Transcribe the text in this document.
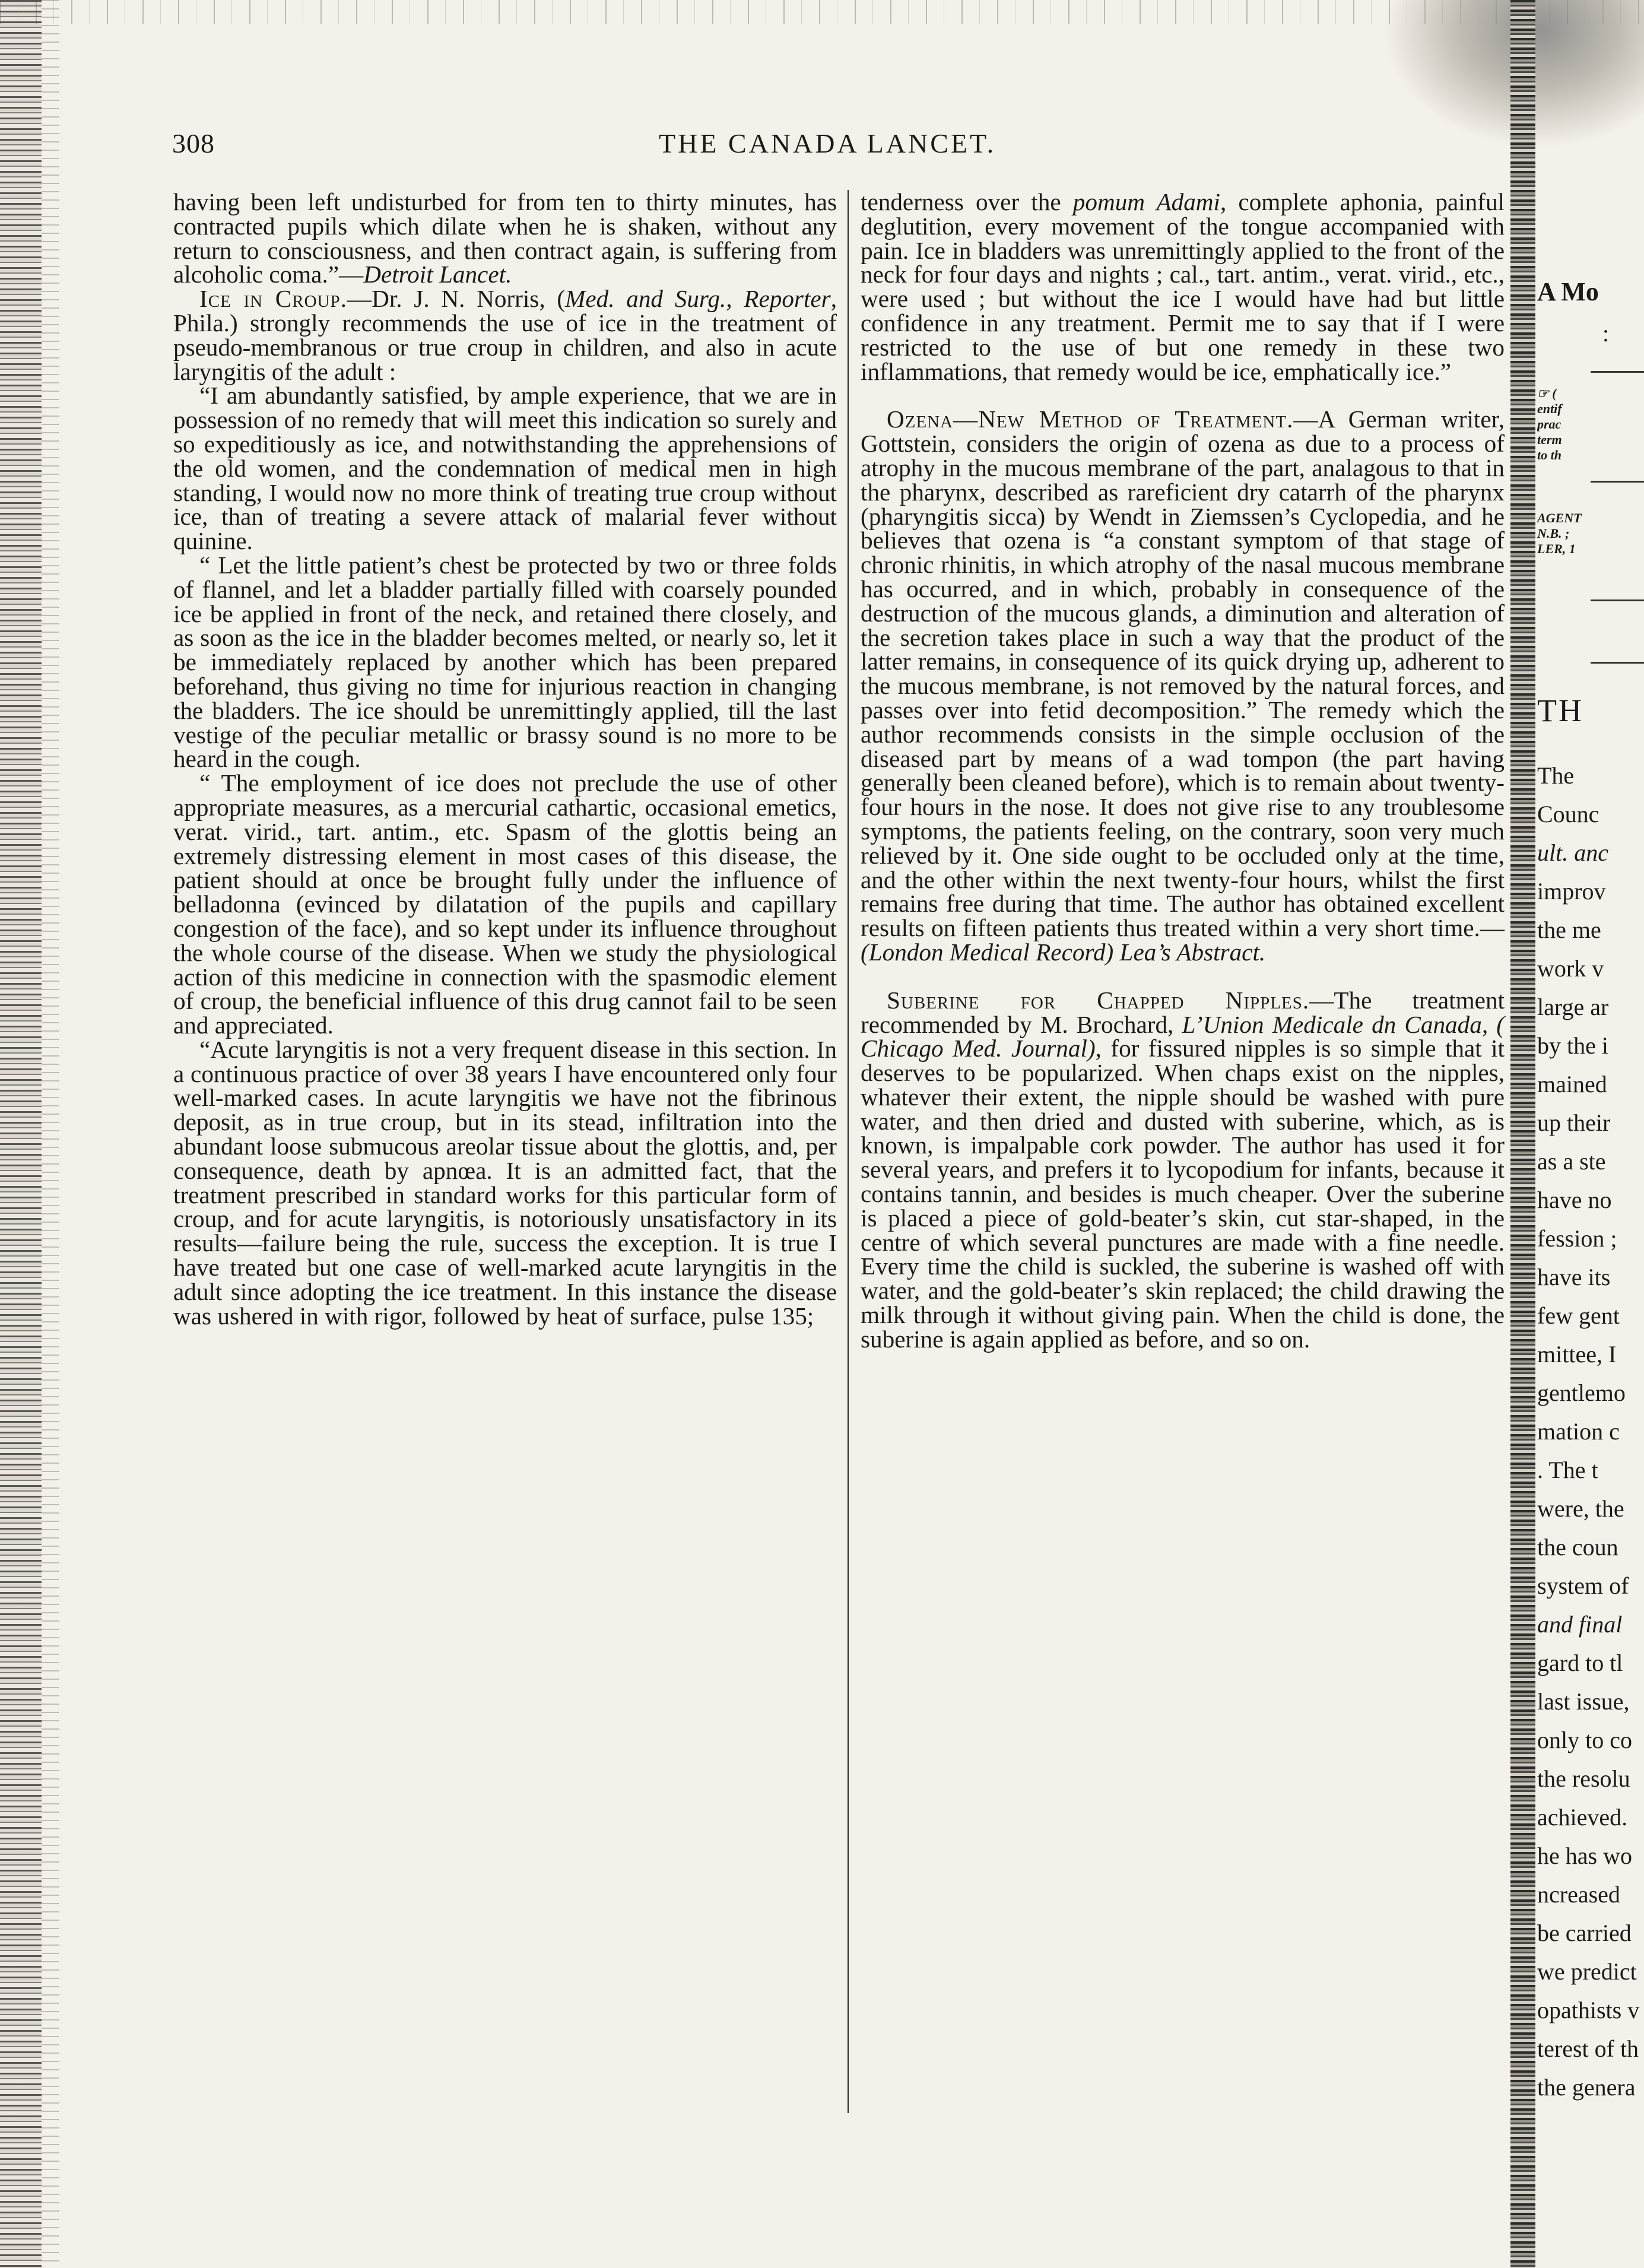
308	THE CANADA LANCET.

having been left undisturbed for from ten to thirty minutes, has contracted pupils which dilate when he is shaken, without any return to consciousness, and then contract again, is suffering from alcoholic coma.”—Detroit Lancet.

Ice in Croup.—Dr. J. N. Norris, (Med. and Surg., Reporter, Phila.) strongly recommends the use of ice in the treatment of pseudo-membranous or true croup in children, and also in acute laryngitis of the adult :

“I am abundantly satisfied, by ample experience, that we are in possession of no remedy that will meet this indication so surely and so expeditiously as ice, and notwithstanding the apprehensions of the old women, and the condemnation of medical men in high standing, I would now no more think of treating true croup without ice, than of treating a severe attack of malarial fever without quinine.

“ Let the little patient’s chest be protected by two or three folds of flannel, and let a bladder partially filled with coarsely pounded ice be applied in front of the neck, and retained there closely, and as soon as the ice in the bladder becomes melted, or nearly so, let it be immediately replaced by another which has been prepared beforehand, thus giving no time for injurious reaction in changing the bladders. The ice should be unremittingly applied, till the last vestige of the peculiar metallic or brassy sound is no more to be heard in the cough.

“ The employment of ice does not preclude the use of other appropriate measures, as a mercurial cathartic, occasional emetics, verat. virid., tart. antim., etc. Spasm of the glottis being an extremely distressing element in most cases of this disease, the patient should at once be brought fully under the influence of belladonna (evinced by dilatation of the pupils and capillary congestion of the face), and so kept under its influence throughout the whole course of the disease. When we study the physiological action of this medicine in connection with the spasmodic element of croup, the beneficial influence of this drug cannot fail to be seen and appreciated.

“Acute laryngitis is not a very frequent disease in this section. In a continuous practice of over 38 years I have encountered only four well-marked cases. In acute laryngitis we have not the fibrinous deposit, as in true croup, but in its stead, infiltration into the abundant loose submucous areolar tissue about the glottis, and, per consequence, death by apnœa. It is an admitted fact, that the treatment prescribed in standard works for this particular form of croup, and for acute laryngitis, is notoriously unsatisfactory in its results—failure being the rule, success the exception. It is true I have treated but one case of well-marked acute laryngitis in the adult since adopting the ice treatment. In this instance the disease was ushered in with rigor, followed by heat of surface, pulse 135;

tenderness over the pomum Adami, complete aphonia, painful deglutition, every movement of the tongue accompanied with pain. Ice in bladders was unremittingly applied to the front of the neck for four days and nights ; cal., tart. antim., verat. virid., etc., were used ; but without the ice I would have had but little confidence in any treatment. Permit me to say that if I were restricted to the use of but one remedy in these two inflammations, that remedy would be ice, emphatically ice.”

Ozena—New Method of Treatment.—A German writer, Gottstein, considers the origin of ozena as due to a process of atrophy in the mucous membrane of the part, analagous to that in the pharynx, described as rareficient dry catarrh of the pharynx (pharyngitis sicca) by Wendt in Ziemssen’s Cyclopedia, and he believes that ozena is “a constant symptom of that stage of chronic rhinitis, in which atrophy of the nasal mucous membrane has occurred, and in which, probably in consequence of the destruction of the mucous glands, a diminution and alteration of the secretion takes place in such a way that the product of the latter remains, in consequence of its quick drying up, adherent to the mucous membrane, is not removed by the natural forces, and passes over into fetid decomposition.” The remedy which the author recommends consists in the simple occlusion of the diseased part by means of a wad tompon (the part having generally been cleaned before), which is to remain about twenty-four hours in the nose. It does not give rise to any troublesome symptoms, the patients feeling, on the contrary, soon very much relieved by it. One side ought to be occluded only at the time, and the other within the next twenty-four hours, whilst the first remains free during that time. The author has obtained excellent results on fifteen patients thus treated within a very short time.—(London Medical Record) Lea’s Abstract.

Suberine for Chapped Nipples.—The treatment recommended by M. Brochard, L’Union Medicale dn Canada, ( Chicago Med. Journal), for fissured nipples is so simple that it deserves to be popularized. When chaps exist on the nipples, whatever their extent, the nipple should be washed with pure water, and then dried and dusted with suberine, which, as is known, is impalpable cork powder. The author has used it for several years, and prefers it to lycopodium for infants, because it contains tannin, and besides is much cheaper. Over the suberine is placed a piece of gold-beater’s skin, cut star-shaped, in the centre of which several punctures are made with a fine needle. Every time the child is suckled, the suberine is washed off with water, and the gold-beater’s skin replaced; the child drawing the milk through it without giving pain. When the child is done, the suberine is again applied as before, and so on.

A Mo
:
☞ (
entif
prac
term
to th
AGENT
N.B. ;
LER, 1
TH
The
Counc
ult. anc
improv
the me
work v
large ar
by the i
mained
up their
as a ste
have no
fession ;
have its
few gent
mittee, I
gentlemo
mation c
. The t
were, the
the coun
system of
and final
gard to tl
last issue,
only to co
the resolu
achieved.
he has wo
ncreased
be carried
we predict
opathists v
terest of th
the genera
